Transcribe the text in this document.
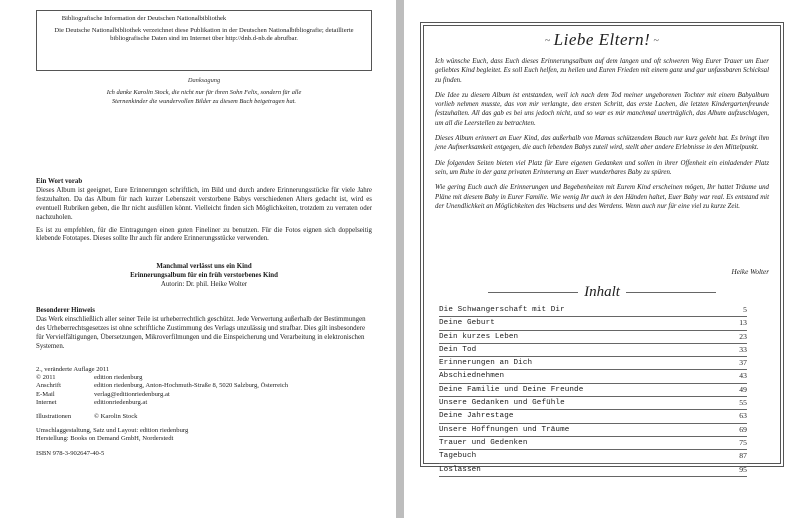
Bibliografische Information der Deutschen Nationalbibliothek
Die Deutsche Nationalbibliothek verzeichnet diese Publikation in der Deutschen Nationalbibliografie; detaillierte bibliografische Daten sind im Internet über http://dnb.d-nb.de abrufbar.
Danksagung
Ich danke Karolin Stock, die nicht nur für ihren Sohn Felix, sondern für alle Sternenkinder die wundervollen Bilder zu diesem Buch beigetragen hat.
Ein Wort vorab

Dieses Album ist geeignet, Eure Erinnerungen schriftlich, im Bild und durch andere Erinnerungsstücke für viele Jahre festzuhalten. Da das Album für nach kurzer Lebenszeit verstorbene Babys verschiedenen Alters gedacht ist, wird es eventuell Rubriken geben, die Ihr nicht ausfüllen könnt. Vielleicht finden sich Möglichkeiten, trotzdem zu verraten oder nachzuholen.

Es ist zu empfehlen, für die Eintragungen einen guten Fineliner zu benutzen. Für die Fotos eignen sich doppelseitig klebende Fototapes. Dieses sollte Ihr auch für andere Erinnerungsstücke verwenden.

Manchmal verlässt uns ein Kind
Erinnerungsalbum für ein früh verstorbenes Kind
Autorin: Dr. phil. Heike Wolter
Besonderer Hinweis
Das Werk einschließlich aller seiner Teile ist urheberrechtlich geschützt. Jede Verwertung außerhalb der Bestimmungen des Urheberrechtsgesetzes ist ohne schriftliche Zustimmung des Verlags unzulässig und strafbar. Dies gilt insbesondere für Vervielfältigungen, Übersetzungen, Mikroverfilmungen und die Einspeicherung und Verarbeitung in elektronischen Systemen.
2., veränderte Auflage 2011
© 2011	edition riedenburg
Anschrift	edition riedenburg, Anton-Hochmuth-Straße 8, 5020 Salzburg, Österreich
E-Mail	verlag@editionriedenburg.at
Internet	editionriedenburg.at
Illustrationen	© Karolin Stock
Umschlaggestaltung, Satz und Layout: edition riedenburg
Herstellung: Books on Demand GmbH, Norderstedt
ISBN 978-3-902647-40-5
~ Liebe Eltern! ~

Ich wünsche Euch, dass Euch dieses Erinnerungsalbum auf dem langen und oft schweren Weg Eurer Trauer um Euer geliebtes Kind begleitet. Es soll Euch helfen, zu heilen und Euren Frieden mit einem ganz und gar unfassbaren Schicksal zu finden.

Die Idee zu diesem Album ist entstanden, weil ich nach dem Tod meiner ungeborenen Tochter mit einem Babyalbum vorlieb nehmen musste, das von mir verlangte, den ersten Schritt, das erste Lachen, die letzten Kindergartenfreunde festzuhalten. All das gab es bei uns jedoch nicht, und so war es mir manchmal unerträglich, das Album aufzuschlagen, um all die Leerstellen zu betrachten.

Dieses Album erinnert an Euer Kind, das außerhalb von Mamas schützendem Bauch nur kurz gelebt hat. Es bringt ihm jene Aufmerksamkeit entgegen, die auch lebenden Babys zuteil wird, stellt aber andere Erlebnisse in den Mittelpunkt.

Die folgenden Seiten bieten viel Platz für Eure eigenen Gedanken und sollen in ihrer Offenheit ein einladender Platz sein, um Ruhe in der ganz privaten Erinnerung an Euer wunderbares Baby zu spüren.

Wie gering Euch auch die Erinnerungen und Begebenheiten mit Eurem Kind erscheinen mögen, Ihr hattet Träume und Pläne mit diesem Baby in Eurer Familie. Wie wenig Ihr auch in den Händen haltet, Euer Baby war real. Es entstand mit der Unendlichkeit an Möglichkeiten des Wachsens und des Werdens. Wenn auch nur für eine viel zu kurze Zeit.

Heike Wolter
Inhalt
Die Schwangerschaft mit Dir	5
Deine Geburt	13
Dein kurzes Leben	23
Dein Tod	33
Erinnerungen an Dich	37
Abschiednehmen	43
Deine Familie und Deine Freunde	49
Unsere Gedanken und Gefühle	55
Deine Jahrestage	63
Unsere Hoffnungen und Träume	69
Trauer und Gedenken	75
Tagebuch	87
Loslassen	95
